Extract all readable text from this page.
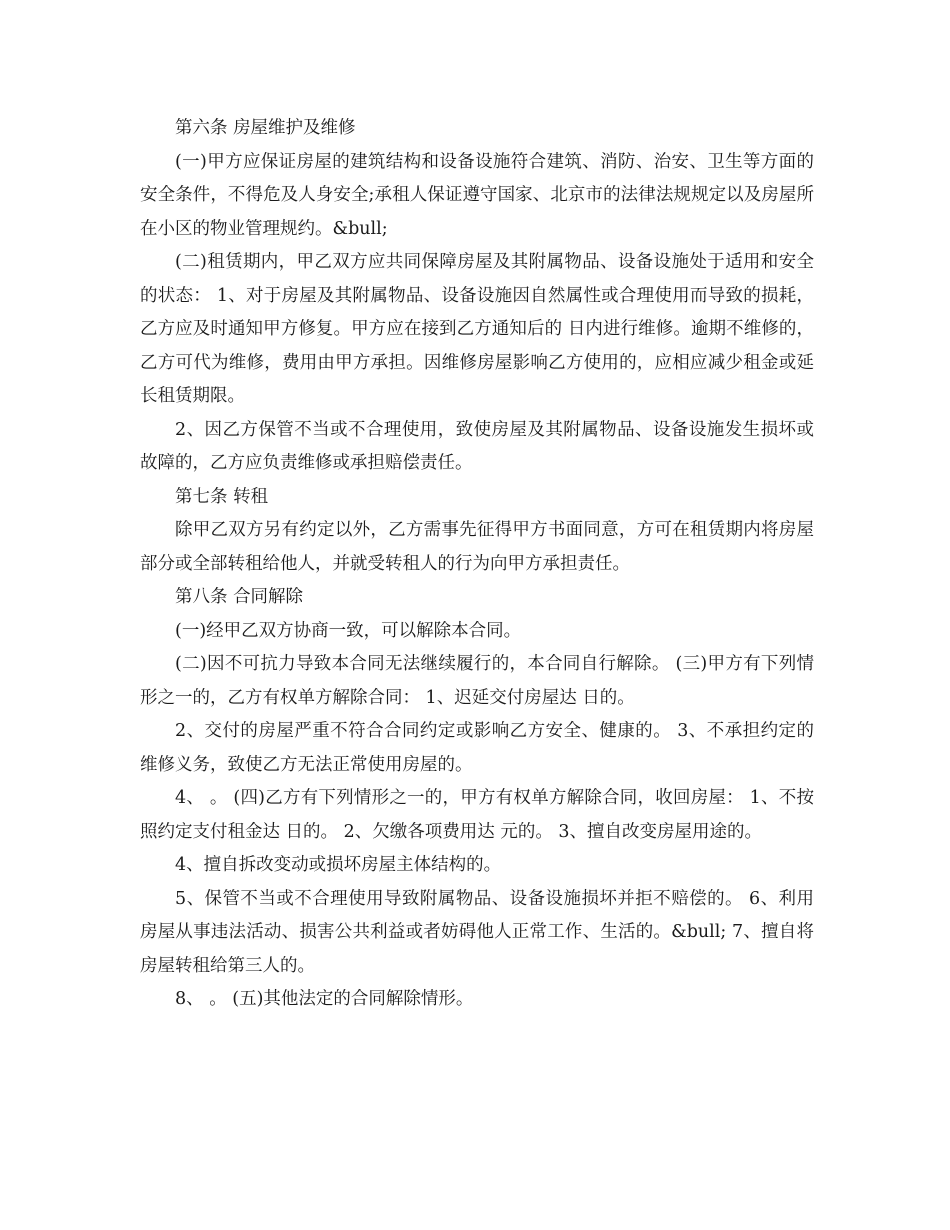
第六条 房屋维护及维修

(一)甲方应保证房屋的建筑结构和设备设施符合建筑、消防、治安、卫生等方面的安全条件，不得危及人身安全;承租人保证遵守国家、北京市的法律法规规定以及房屋所在小区的物业管理规约。&bull;

(二)租赁期内，甲乙双方应共同保障房屋及其附属物品、设备设施处于适用和安全的状态： 1、对于房屋及其附属物品、设备设施因自然属性或合理使用而导致的损耗，乙方应及时通知甲方修复。甲方应在接到乙方通知后的 日内进行维修。逾期不维修的，乙方可代为维修，费用由甲方承担。因维修房屋影响乙方使用的，应相应减少租金或延长租赁期限。

2、因乙方保管不当或不合理使用，致使房屋及其附属物品、设备设施发生损坏或故障的，乙方应负责维修或承担赔偿责任。

第七条 转租

除甲乙双方另有约定以外，乙方需事先征得甲方书面同意，方可在租赁期内将房屋部分或全部转租给他人，并就受转租人的行为向甲方承担责任。

第八条 合同解除

(一)经甲乙双方协商一致，可以解除本合同。

(二)因不可抗力导致本合同无法继续履行的，本合同自行解除。 (三)甲方有下列情形之一的，乙方有权单方解除合同： 1、迟延交付房屋达 日的。

2、交付的房屋严重不符合合同约定或影响乙方安全、健康的。 3、不承担约定的维修义务，致使乙方无法正常使用房屋的。

4、 。 (四)乙方有下列情形之一的，甲方有权单方解除合同，收回房屋： 1、不按照约定支付租金达 日的。 2、欠缴各项费用达 元的。 3、擅自改变房屋用途的。

4、擅自拆改变动或损坏房屋主体结构的。

5、保管不当或不合理使用导致附属物品、设备设施损坏并拒不赔偿的。 6、利用房屋从事违法活动、损害公共利益或者妨碍他人正常工作、生活的。&bull; 7、擅自将房屋转租给第三人的。

8、 。 (五)其他法定的合同解除情形。
